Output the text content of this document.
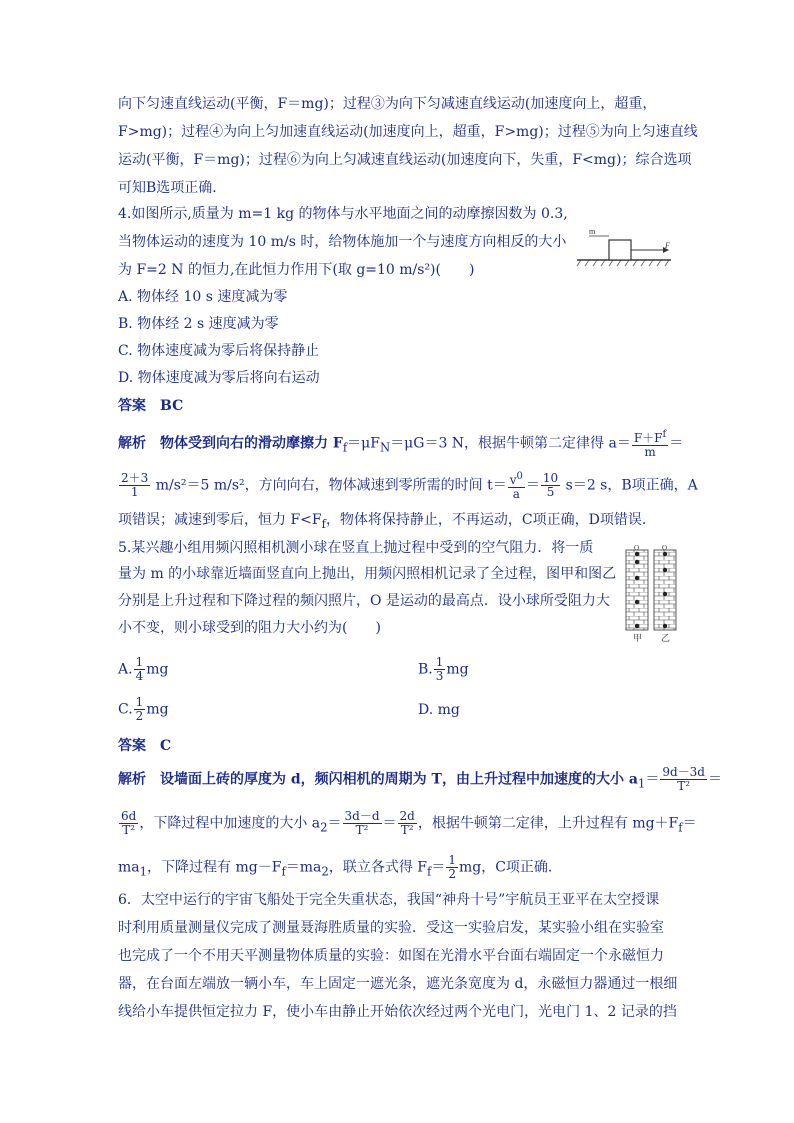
向下匀速直线运动(平衡，F＝mg)；过程③为向下匀减速直线运动(加速度向上，超重，
F>mg)；过程④为向上匀加速直线运动(加速度向上，超重，F>mg)；过程⑤为向上匀速直线
运动(平衡，F＝mg)；过程⑥为向上匀减速直线运动(加速度向下，失重，F<mg)；综合选项
可知B选项正确．
4.如图所示,质量为 m=1 kg 的物体与水平地面之间的动摩擦因数为 0.3,
当物体运动的速度为 10 m/s 时，给物体施加一个与速度方向相反的大小
为 F=2 N 的恒力,在此恒力作用下(取 g=10 m/s²)(　　)
m
F
A. 物体经 10 s 速度减为零
B. 物体经 2 s 速度减为零
C. 物体速度减为零后将保持静止
D. 物体速度减为零后将向右运动
答案　BC
解析　物体受到向右的滑动摩擦力 $F_f=\mu F_N=\mu G=3$ N，根据牛顿第二定律得 $a= \frac{F+F^f}{m}$ ＝
$\frac{2+3}{1} m/s^2=5$ m/s²，方向向右，物体减速到零所需的时间 $t= \frac{v^0}{a} = \frac{10}{5} s=2$ s，B项正确，A
项错误；减速到零后，恒力 $F<F_f$，物体将保持静止，不再运动，C项正确，D项错误．
5.某兴趣小组用频闪照相机测小球在竖直上抛过程中受到的空气阻力．将一质
量为 m 的小球靠近墙面竖直向上抛出，用频闪照相机记录了全过程，图甲和图乙
分别是上升过程和下降过程的频闪照片，O 是运动的最高点．设小球所受阻力大
小不变，则小球受到的阻力大小约为(　　)
O	O
甲 乙
A. $\frac{1}{4}$ mg	B. $\frac{1}{3}$ mg
C. $\frac{1}{2}$ mg	D. mg
答案　C
解析　设墙面上砖的厚度为 d，频闪相机的周期为 T，由上升过程中加速度的大小 $a_1= \frac{9d-3d}{\text{T²}}$ ＝
$\frac{6d}{\text{T²}}$ ，下降过程中加速度的大小 $a_2= \frac{3d-d}{\text{T²}} = \frac{2d}{\text{T²}}$ ，根据牛顿第二定律，上升过程有 $mg+F_f=$
$ma_1$，下降过程有 $mg-F_f=ma_2$，联立各式得 $F_f= \frac{1}{2}$ mg，C项正确．
6．太空中运行的宇宙飞船处于完全失重状态，我国“神舟十号”宇航员王亚平在太空授课
时利用质量测量仪完成了测量聂海胜质量的实验．受这一实验启发，某实验小组在实验室
也完成了一个不用天平测量物体质量的实验：如图在光滑水平台面右端固定一个永磁恒力
器，在台面左端放一辆小车，车上固定一遮光条，遮光条宽度为 d，永磁恒力器通过一根细
线给小车提供恒定拉力 F，使小车由静止开始依次经过两个光电门，光电门 1、2 记录的挡
